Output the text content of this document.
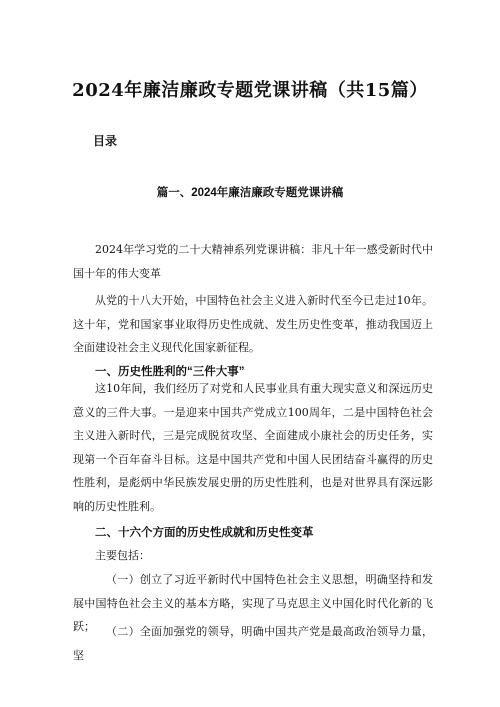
2024年廉洁廉政专题党课讲稿（共15篇）
目录
篇一、2024年廉洁廉政专题党课讲稿
2024年学习党的二十大精神系列党课讲稿：非凡十年一感受新时代中国十年的伟大变革
从党的十八大开始，中国特色社会主义进入新时代至今已走过10年。这十年，党和国家事业取得历史性成就、发生历史性变革，推动我国迈上全面建设社会主义现代化国家新征程。
一、历史性胜利的“三件大事”
这10年间，我们经历了对党和人民事业具有重大现实意义和深远历史意义的三件大事。一是迎来中国共产党成立100周年，二是中国特色社会主义进入新时代，三是完成脱贫攻坚、全面建成小康社会的历史任务，实现第一个百年奋斗目标。这是中国共产党和中国人民团结奋斗赢得的历史性胜利，是彪炳中华民族发展史册的历史性胜利，也是对世界具有深远影响的历史性胜利。
二、十六个方面的历史性成就和历史性变革
主要包括：
（一）创立了习近平新时代中国特色社会主义思想，明确坚持和发展中国特色社会主义的基本方略，实现了马克思主义中国化时代化新的飞跃；	（二）全面加强党的领导，明确中国共产党是最高政治领导力量，坚
